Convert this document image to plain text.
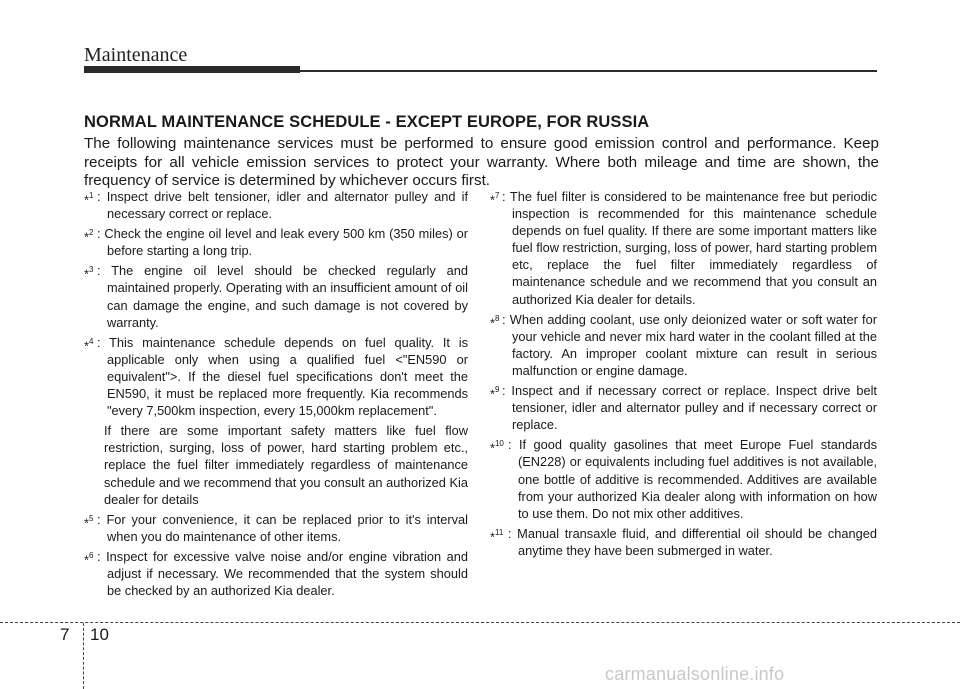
Maintenance
NORMAL MAINTENANCE SCHEDULE - EXCEPT EUROPE, FOR RUSSIA
The following maintenance services must be performed to ensure good emission control and performance. Keep receipts for all vehicle emission services to protect your warranty. Where both mileage and time are shown, the frequency of service is determined by whichever occurs first.
*$^1$ : Inspect drive belt tensioner, idler and alternator pulley and if necessary correct or replace.
*$^2$ : Check the engine oil level and leak every 500 km (350 miles) or before starting a long trip.
*$^3$ : The engine oil level should be checked regularly and maintained properly. Operating with an insufficient amount of oil can damage the engine, and such damage is not covered by warranty.
*$^4$ : This maintenance schedule depends on fuel quality. It is applicable only when using a qualified fuel <"EN590 or equivalent">. If the diesel fuel specifications don't meet the EN590, it must be replaced more frequently. Kia recommends "every 7,500km inspection, every 15,000km replacement".
If there are some important safety matters like fuel flow restriction, surging, loss of power, hard starting problem etc., replace the fuel filter immediately regardless of maintenance schedule and we recommend that you consult an authorized Kia dealer for details
*$^5$ : For your convenience, it can be replaced prior to it's interval when you do maintenance of other items.
*$^6$ : Inspect for excessive valve noise and/or engine vibration and adjust if necessary. We recommended that the system should be checked by an authorized Kia dealer.
*$^7$ : The fuel filter is considered to be maintenance free but periodic inspection is recommended for this maintenance schedule depends on fuel quality. If there are some important matters like fuel flow restriction, surging, loss of power, hard starting problem etc, replace the fuel filter immediately regardless of maintenance schedule and we recommend that you consult an authorized Kia dealer for details.
*$^8$ : When adding coolant, use only deionized water or soft water for your vehicle and never mix hard water in the coolant filled at the factory. An improper coolant mixture can result in serious malfunction or engine damage.
*$^9$ : Inspect and if necessary correct or replace. Inspect drive belt tensioner, idler and alternator pulley and if necessary correct or replace.
*$^{10}$ : If good quality gasolines that meet Europe Fuel standards (EN228) or equivalents including fuel additives is not available, one bottle of additive is recommended. Additives are available from your authorized Kia dealer along with information on how to use them. Do not mix other additives.
*$^{11}$ : Manual transaxle fluid, and differential oil should be changed anytime they have been submerged in water.
7 10
carmanualsonline.info
